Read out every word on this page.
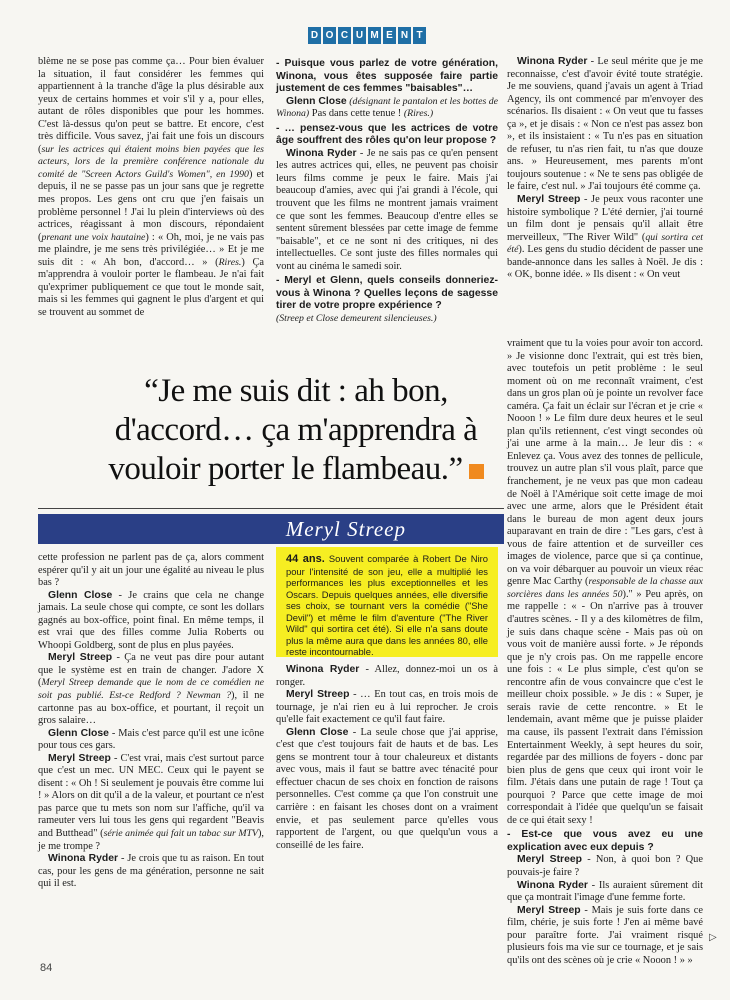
D O C U M E N T

blème ne se pose pas comme ça… Pour bien évaluer la situation, il faut considérer les femmes qui appartiennent à la tranche d'âge la plus désirable aux yeux de certains hommes et voir s'il y a, pour elles, autant de rôles disponibles que pour les hommes. C'est là-dessus qu'on peut se battre. Et encore, c'est très difficile. Vous savez, j'ai fait une fois un discours (sur les actrices qui étaient moins bien payées que les acteurs, lors de la première conférence nationale du comité de "Screen Actors Guild's Women", en 1990) et depuis, il ne se passe pas un jour sans que je regrette mes propos. Les gens ont cru que j'en faisais un problème personnel ! J'ai lu plein d'interviews où des actrices, réagissant à mon discours, répondaient (prenant une voix hautaine) : « Oh, moi, je ne vais pas me plaindre, je me sens très privilégiée… » Et je me suis dit : « Ah bon, d'accord… » (Rires.) Ça m'apprendra à vouloir porter le flambeau. Je n'ai fait qu'exprimer publiquement ce que tout le monde sait, mais si les femmes qui gagnent le plus d'argent et qui se trouvent au sommet de

- Puisque vous parlez de votre génération, Winona, vous êtes supposée faire partie justement de ces femmes "baisables"…

Glenn Close (désignant le pantalon et les bottes de Winona) Pas dans cette tenue ! (Rires.)

- … pensez-vous que les actrices de votre âge souffrent des rôles qu'on leur propose ?

Winona Ryder - Je ne sais pas ce qu'en pensent les autres actrices qui, elles, ne peuvent pas choisir leurs films comme je peux le faire. Mais j'ai beaucoup d'amies, avec qui j'ai grandi à l'école, qui trouvent que les films ne montrent jamais vraiment ce que sont les femmes. Beaucoup d'entre elles se sentent sûrement blessées par cette image de femme "baisable", et ce ne sont ni des critiques, ni des intellectuelles. Ce sont juste des filles normales qui vont au cinéma le samedi soir.

- Meryl et Glenn, quels conseils donneriez-vous à Winona ? Quelles leçons de sagesse tirer de votre propre expérience ?

(Streep et Close demeurent silencieuses.)

Winona Ryder - Le seul mérite que je me reconnaisse, c'est d'avoir évité toute stratégie. Je me souviens, quand j'avais un agent à Triad Agency, ils ont commencé par m'envoyer des scénarios. Ils disaient : « On veut que tu fasses ça », et je disais : « Non ce n'est pas assez bon », et ils insistaient : « Tu n'es pas en situation de refuser, tu n'as rien fait, tu n'as que douze ans. » Heureusement, mes parents m'ont toujours soutenue : « Ne te sens pas obligée de le faire, c'est nul. » J'ai toujours été comme ça.

Meryl Streep - Je peux vous raconter une histoire symbolique ? L'été dernier, j'ai tourné un film dont je pensais qu'il allait être merveilleux, "The River Wild" (qui sortira cet été). Les gens du studio décident de passer une bande-annonce dans les salles à Noël. Je dis : « OK, bonne idée. » Ils disent : « On veut

vraiment que tu la voies pour avoir ton accord. » Je visionne donc l'extrait, qui est très bien, avec toutefois un petit problème : le seul moment où on me reconnaît vraiment, c'est dans un gros plan où je pointe un revolver face caméra. Ça fait un éclair sur l'écran et je crie « Nooon ! » Le film dure deux heures et le seul plan qu'ils retiennent, c'est vingt secondes où j'ai une arme à la main… Je leur dis : « Enlevez ça. Vous avez des tonnes de pellicule, trouvez un autre plan s'il vous plaît, parce que franchement, je ne veux pas que mon cadeau de Noël à l'Amérique soit cette image de moi avec une arme, alors que le Président était dans le bureau de mon agent deux jours auparavant en train de dire : "Les gars, c'est à vous de faire attention et de surveiller ces images de violence, parce que si ça continue, on va voir débarquer au pouvoir un vieux réac genre Mac Carthy (responsable de la chasse aux sorcières dans les années 50)." » Peu après, on me rappelle : « - On n'arrive pas à trouver d'autres scènes. - Il y a des kilomètres de film, je suis dans chaque scène - Mais pas où on vous voit de manière aussi forte. » Je réponds que je n'y crois pas. On me rappelle encore une fois : « Le plus simple, c'est qu'on se rencontre afin de vous convaincre que c'est le meilleur choix possible. » Je dis : « Super, je serais ravie de cette rencontre. » Et le lendemain, avant même que je puisse plaider ma cause, ils passent l'extrait dans l'émission Entertainment Weekly, à sept heures du soir, regardée par des millions de foyers - donc par bien plus de gens que ceux qui iront voir le film. J'étais dans une putain de rage ! Tout ça pourquoi ? Parce que cette image de moi correspondait à l'idée que quelqu'un se faisait de ce qui était sexy !

- Est-ce que vous avez eu une explication avec eux depuis ?

Meryl Streep - Non, à quoi bon ? Que pouvais-je faire ?

Winona Ryder - Ils auraient sûrement dit que ça montrait l'image d'une femme forte.

Meryl Streep - Mais je suis forte dans ce film, chérie, je suis forte ! J'en ai même bavé pour paraître forte. J'ai vraiment risqué plusieurs fois ma vie sur ce tournage, et je sais qu'ils ont des scènes où je crie « Nooon ! » »

“Je me suis dit : ah bon, d'accord… ça m'apprendra à vouloir porter le flambeau.”
Meryl Streep

cette profession ne parlent pas de ça, alors comment espérer qu'il y ait un jour une égalité au niveau le plus bas ?

Glenn Close - Je crains que cela ne change jamais. La seule chose qui compte, ce sont les dollars gagnés au box-office, point final. En même temps, il est vrai que des filles comme Julia Roberts ou Whoopi Goldberg, sont de plus en plus payées.

Meryl Streep - Ça ne veut pas dire pour autant que le système est en train de changer. J'adore X (Meryl Streep demande que le nom de ce comédien ne soit pas publié. Est-ce Redford ? Newman ?), il ne cartonne pas au box-office, et pourtant, il reçoit un gros salaire…

Glenn Close - Mais c'est parce qu'il est une icône pour tous ces gars.

Meryl Streep - C'est vrai, mais c'est surtout parce que c'est un mec. UN MEC. Ceux qui le payent se disent : « Oh ! Si seulement je pouvais être comme lui ! » Alors on dit qu'il a de la valeur, et pourtant ce n'est pas parce que tu mets son nom sur l'affiche, qu'il va rameuter vers lui tous les gens qui regardent "Beavis and Butthead" (série animée qui fait un tabac sur MTV), je me trompe ?

Winona Ryder - Je crois que tu as raison. En tout cas, pour les gens de ma génération, personne ne sait qui il est.

44 ans. Souvent comparée à Robert De Niro pour l'intensité de son jeu, elle a multiplié les performances les plus exceptionnelles et les Oscars. Depuis quelques années, elle diversifie ses choix, se tournant vers la comédie ("She Devil") et même le film d'aventure ("The River Wild" qui sortira cet été). Si elle n'a sans doute plus la même aura que dans les années 80, elle reste incontournable.

Winona Ryder - Allez, donnez-moi un os à ronger.

Meryl Streep - … En tout cas, en trois mois de tournage, je n'ai rien eu à lui reprocher. Je crois qu'elle fait exactement ce qu'il faut faire.

Glenn Close - La seule chose que j'ai apprise, c'est que c'est toujours fait de hauts et de bas. Les gens se montrent tour à tour chaleureux et distants avec vous, mais il faut se battre avec ténacité pour effectuer chacun de ses choix en fonction de raisons personnelles. C'est comme ça que l'on construit une carrière : en faisant les choses dont on a vraiment envie, et pas seulement parce qu'elles vous rapportent de l'argent, ou que quelqu'un vous a conseillé de les faire.

84
▷
